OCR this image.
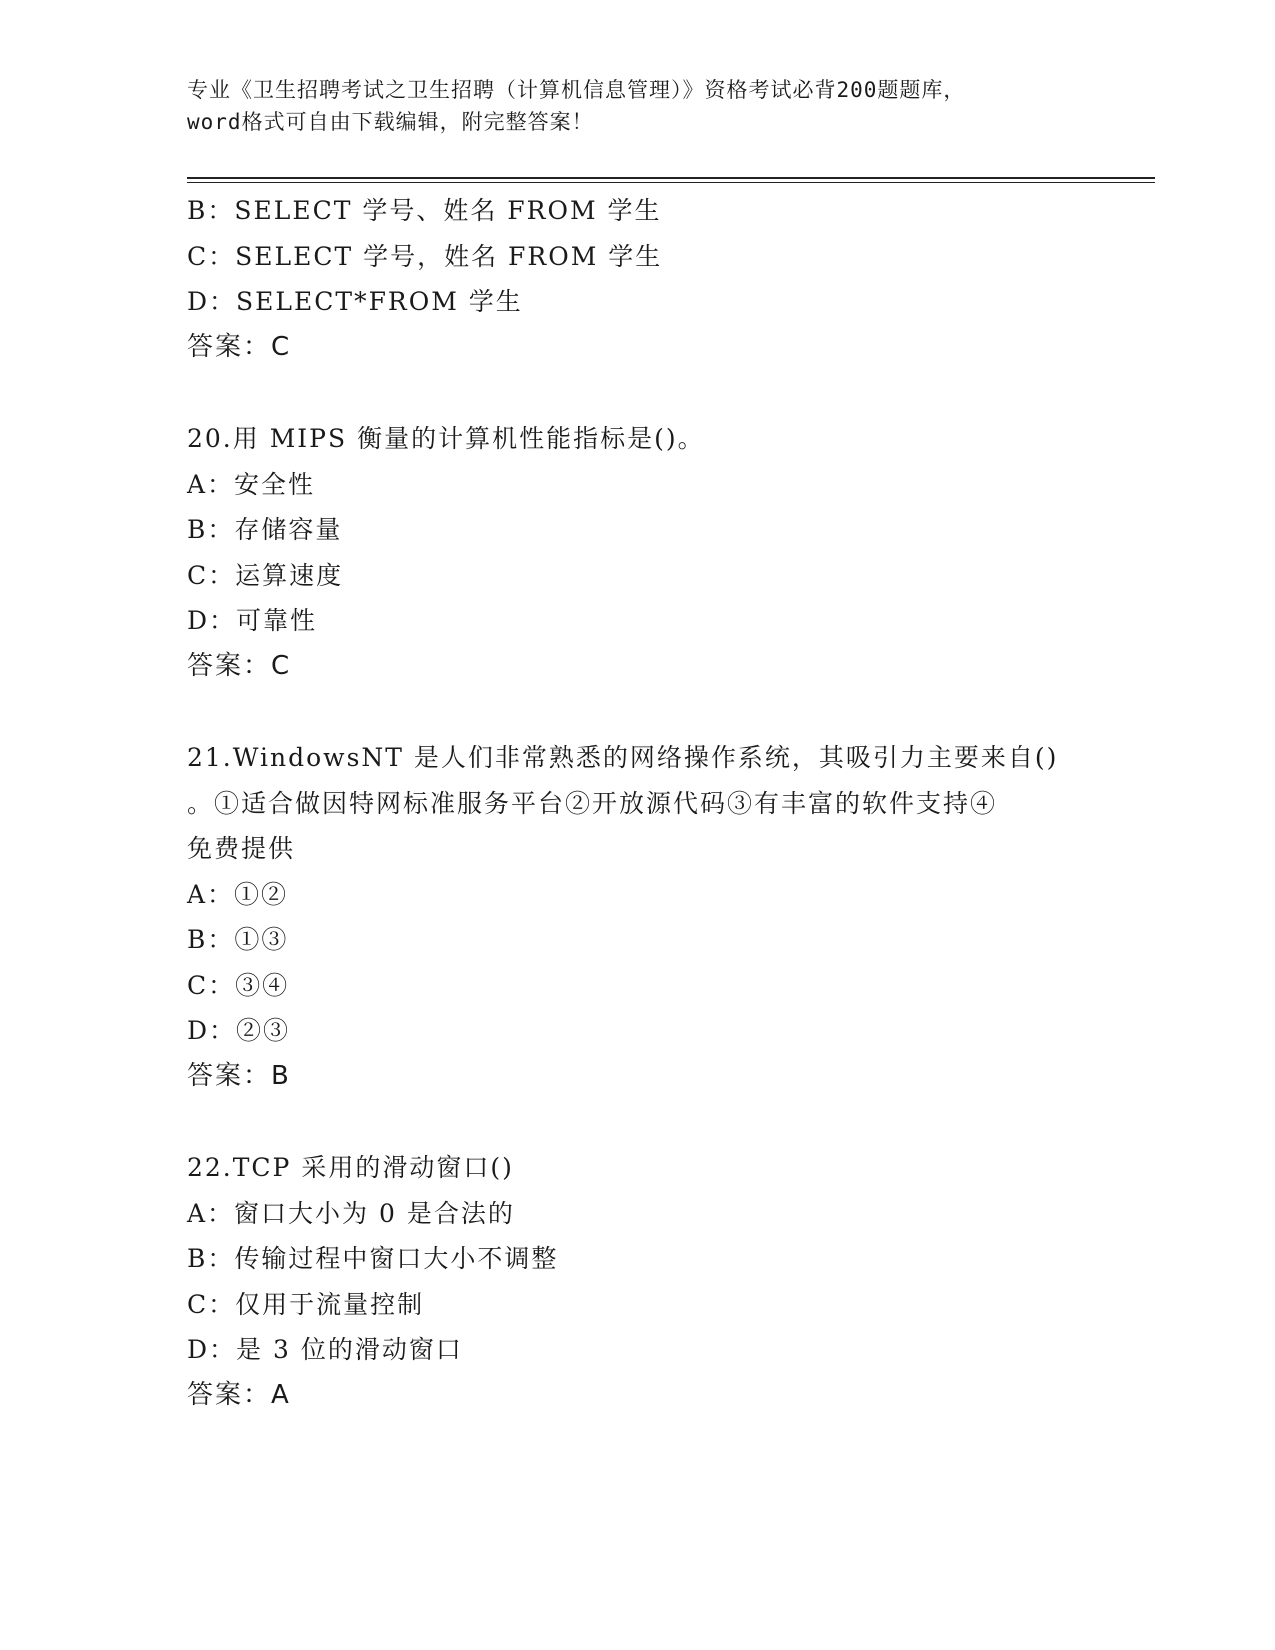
专业《卫生招聘考试之卫生招聘（计算机信息管理）》资格考试必背200题题库，
word格式可自由下载编辑，附完整答案！
B：SELECT 学号、姓名 FROM 学生
C：SELECT 学号，姓名 FROM 学生
D：SELECT*FROM 学生
答案：C
20.用 MIPS 衡量的计算机性能指标是()。
A：安全性
B：存储容量
C：运算速度
D：可靠性
答案：C
21.WindowsNT 是人们非常熟悉的网络操作系统，其吸引力主要来自()
。①适合做因特网标准服务平台②开放源代码③有丰富的软件支持④
免费提供
A：①②
B：①③
C：③④
D：②③
答案：B
22.TCP 采用的滑动窗口()
A：窗口大小为 0 是合法的
B：传输过程中窗口大小不调整
C：仅用于流量控制
D：是 3 位的滑动窗口
答案：A
